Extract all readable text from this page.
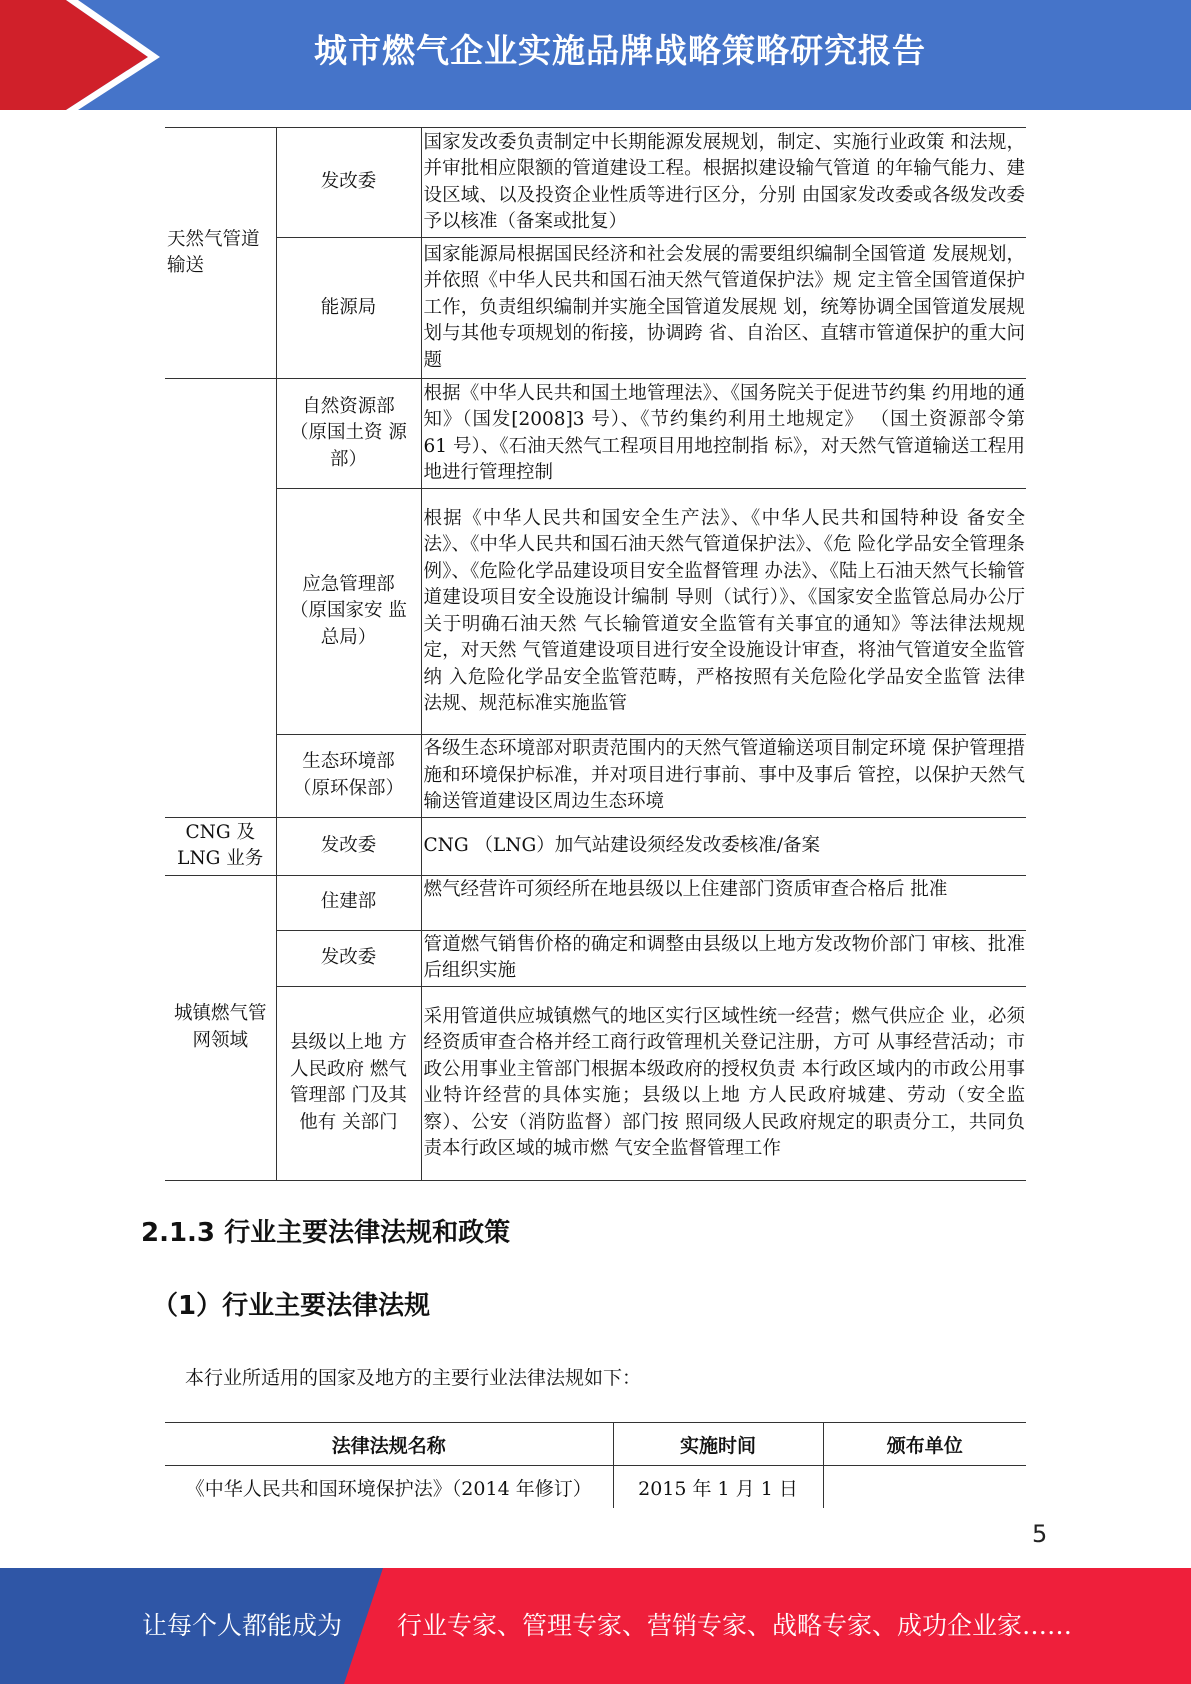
城市燃气企业实施品牌战略策略研究报告
天然气管道输送	发改委	国家发改委负责制定中长期能源发展规划，制定、实施行业政策 和法规，并审批相应限额的管道建设工程。根据拟建设输气管道 的年输气能力、建设区域、以及投资企业性质等进行区分，分别 由国家发改委或各级发改委予以核准（备案或批复）
	能源局	国家能源局根据国民经济和社会发展的需要组织编制全国管道 发展规划，并依照《中华人民共和国石油天然气管道保护法》规 定主管全国管道保护工作，负责组织编制并实施全国管道发展规 划，统筹协调全国管道发展规划与其他专项规划的衔接，协调跨 省、自治区、直辖市管道保护的重大问题
	自然资源部（原国土资 源部）	根据《中华人民共和国土地管理法》、《国务院关于促进节约集 约用地的通知》（国发[2008]3 号）、《节约集约利用土地规定》 （国土资源部令第 61 号）、《石油天然气工程项目用地控制指 标》，对天然气管道输送工程用地进行管理控制
	应急管理部（原国家安 监总局）	根据《中华人民共和国安全生产法》、《中华人民共和国特种设 备安全法》、《中华人民共和国石油天然气管道保护法》、《危 险化学品安全管理条例》、《危险化学品建设项目安全监督管理 办法》、《陆上石油天然气长输管道建设项目安全设施设计编制 导则（试行）》、《国家安全监管总局办公厅关于明确石油天然 气长输管道安全监管有关事宜的通知》等法律法规规定，对天然 气管道建设项目进行安全设施设计审查，将油气管道安全监管纳 入危险化学品安全监管范畴，严格按照有关危险化学品安全监管 法律法规、规范标准实施监管
	生态环境部（原环保部）	各级生态环境部对职责范围内的天然气管道输送项目制定环境 保护管理措施和环境保护标准，并对项目进行事前、事中及事后 管控，以保护天然气输送管道建设区周边生态环境
CNG 及 LNG 业务	发改委	CNG （LNG）加气站建设须经发改委核准/备案
城镇燃气管网领域	住建部	燃气经营许可须经所在地县级以上住建部门资质审查合格后 批准
	发改委	管道燃气销售价格的确定和调整由县级以上地方发改物价部门 审核、批准后组织实施
	县级以上地 方人民政府 燃气管理部 门及其他有 关部门	采用管道供应城镇燃气的地区实行区域性统一经营；燃气供应企 业，必须经资质审查合格并经工商行政管理机关登记注册，方可 从事经营活动；市政公用事业主管部门根据本级政府的授权负责 本行政区域内的市政公用事业特许经营的具体实施；县级以上地 方人民政府城建、劳动（安全监察）、公安（消防监督）部门按 照同级人民政府规定的职责分工，共同负责本行政区域的城市燃 气安全监督管理工作
2.1.3 行业主要法律法规和政策
（1）行业主要法律法规
本行业所适用的国家及地方的主要行业法律法规如下：
法律法规名称	实施时间	颁布单位
《中华人民共和国环境保护法》（2014 年修订）	2015 年 1 月 1 日	
5
让每个人都能成为 行业专家、管理专家、营销专家、战略专家、成功企业家……
